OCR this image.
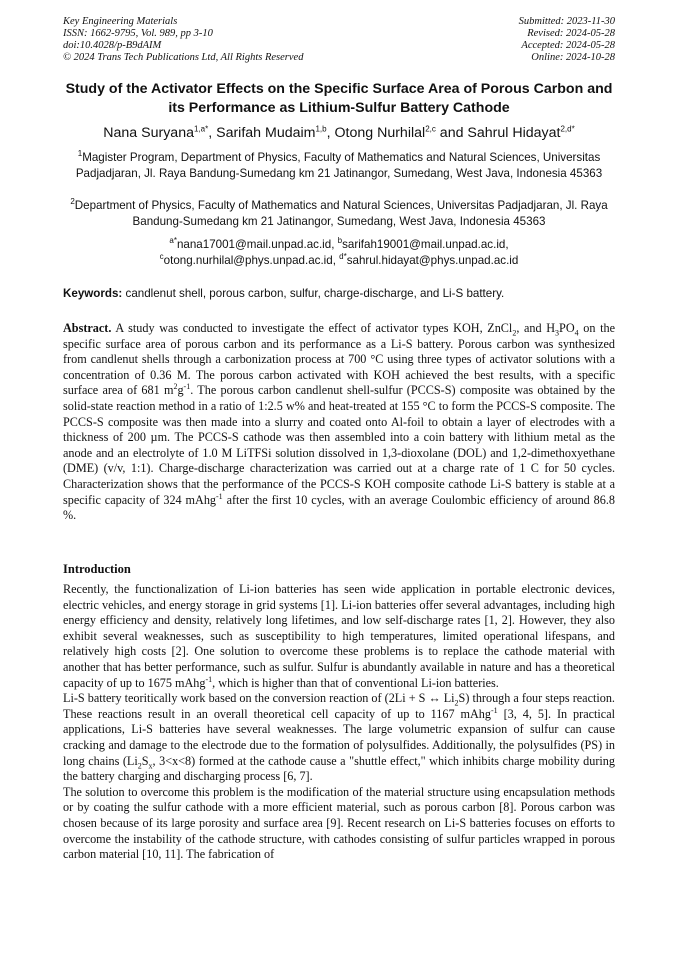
Key Engineering Materials
ISSN: 1662-9795, Vol. 989, pp 3-10
doi:10.4028/p-B9dAIM
© 2024 Trans Tech Publications Ltd, All Rights Reserved
Submitted: 2023-11-30
Revised: 2024-05-28
Accepted: 2024-05-28
Online: 2024-10-28
Study of the Activator Effects on the Specific Surface Area of Porous Carbon and its Performance as Lithium-Sulfur Battery Cathode
Nana Suryana$^{1,a*}$, Sarifah Mudaim$^{1,b}$, Otong Nurhilal$^{2,c}$ and Sahrul Hidayat$^{2,d*}$
$^1$Magister Program, Department of Physics, Faculty of Mathematics and Natural Sciences, Universitas Padjadjaran, Jl. Raya Bandung-Sumedang km 21 Jatinangor, Sumedang, West Java, Indonesia 45363
$^2$Department of Physics, Faculty of Mathematics and Natural Sciences, Universitas Padjadjaran, Jl. Raya Bandung-Sumedang km 21 Jatinangor, Sumedang, West Java, Indonesia 45363
$^{a*}$nana17001@mail.unpad.ac.id, $^b$sarifah19001@mail.unpad.ac.id,
$^c$otong.nurhilal@phys.unpad.ac.id, $^{d*}$sahrul.hidayat@phys.unpad.ac.id
Keywords: candlenut shell, porous carbon, sulfur, charge-discharge, and Li-S battery.
Abstract. A study was conducted to investigate the effect of activator types KOH, ZnCl$_2$, and $H_3PO_4$ on the specific surface area of porous carbon and its performance as a Li-S battery. Porous carbon was synthesized from candlenut shells through a carbonization process at 700 °C using three types of activator solutions with a concentration of 0.36 M. The porous carbon activated with KOH achieved the best results, with a specific surface area of 681 $m^2g^{-1}$. The porous carbon candlenut shell-sulfur (PCCS-S) composite was obtained by the solid-state reaction method in a ratio of 1:2.5 w% and heat-treated at 155 °C to form the PCCS-S composite. The PCCS-S composite was then made into a slurry and coated onto Al-foil to obtain a layer of electrodes with a thickness of 200 µm. The PCCS-S cathode was then assembled into a coin battery with lithium metal as the anode and an electrolyte of 1.0 M LiTFSi solution dissolved in 1,3-dioxolane (DOL) and 1,2-dimethoxyethane (DME) (v/v, 1:1). Charge-discharge characterization was carried out at a charge rate of 1 C for 50 cycles. Characterization shows that the performance of the PCCS-S KOH composite cathode Li-S battery is stable at a specific capacity of 324 mAhg$^{-1}$ after the first 10 cycles, with an average Coulombic efficiency of around 86.8 %.
Introduction

Recently, the functionalization of Li-ion batteries has seen wide application in portable electronic devices, electric vehicles, and energy storage in grid systems [1]. Li-ion batteries offer several advantages, including high energy efficiency and density, relatively long lifetimes, and low self-discharge rates [1, 2]. However, they also exhibit several weaknesses, such as susceptibility to high temperatures, limited operational lifespans, and relatively high costs [2]. One solution to overcome these problems is to replace the cathode material with another that has better performance, such as sulfur. Sulfur is abundantly available in nature and has a theoretical capacity of up to 1675 mAhg$^{-1}$, which is higher than that of conventional Li-ion batteries.

Li-S battery teoritically work based on the conversion reaction of (2Li + S ↔ $Li_2S$) through a four steps reaction. These reactions result in an overall theoretical cell capacity of up to 1167 mAhg$^{-1}$ [3, 4, 5]. In practical applications, Li-S batteries have several weaknesses. The large volumetric expansion of sulfur can cause cracking and damage to the electrode due to the formation of polysulfides. Additionally, the polysulfides (PS) in long chains ($Li_2S_x$, 3<x<8) formed at the cathode cause a "shuttle effect," which inhibits charge mobility during the battery charging and discharging process [6, 7].

The solution to overcome this problem is the modification of the material structure using encapsulation methods or by coating the sulfur cathode with a more efficient material, such as porous carbon [8]. Porous carbon was chosen because of its large porosity and surface area [9]. Recent research on Li-S batteries focuses on efforts to overcome the instability of the cathode structure, with cathodes consisting of sulfur particles wrapped in porous carbon material [10, 11]. The fabrication of
